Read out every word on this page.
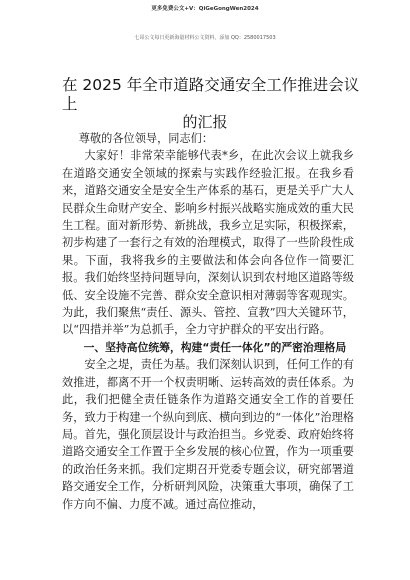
更多免费公文+V：QiGeGongWen2024
七哥公文每日更新海量材料公文资料，添加 QQ：2580017503
在 2025 年全市道路交通安全工作推进会议上
的汇报

尊敬的各位领导，同志们：

大家好！非常荣幸能够代表*乡，在此次会议上就我乡在道路交通安全领域的探索与实践作经验汇报。在我乡看来，道路交通安全是安全生产体系的基石，更是关乎广大人民群众生命财产安全、影响乡村振兴战略实施成效的重大民生工程。面对新形势、新挑战，我乡立足实际，积极探索，初步构建了一套行之有效的治理模式，取得了一些阶段性成果。下面，我将我乡的主要做法和体会向各位作一简要汇报。我们始终坚持问题导向，深刻认识到农村地区道路等级低、安全设施不完善、群众安全意识相对薄弱等客观现实。为此，我们聚焦“责任、源头、管控、宣教”四大关键环节，以“四措并举”为总抓手，全力守护群众的平安出行路。

一、坚持高位统筹，构建“责任一体化”的严密治理格局

安全之堤，责任为基。我们深刻认识到，任何工作的有效推进，都离不开一个权责明晰、运转高效的责任体系。为此，我们把健全责任链条作为道路交通安全工作的首要任务，致力于构建一个纵向到底、横向到边的“一体化”治理格局。首先，强化顶层设计与政治担当。乡党委、政府始终将道路交通安全工作置于全乡发展的核心位置，作为一项重要的政治任务来抓。我们定期召开党委专题会议，研究部署道路交通安全工作，分析研判风险，决策重大事项，确保了工作方向不偏、力度不减。通过高位推动，
